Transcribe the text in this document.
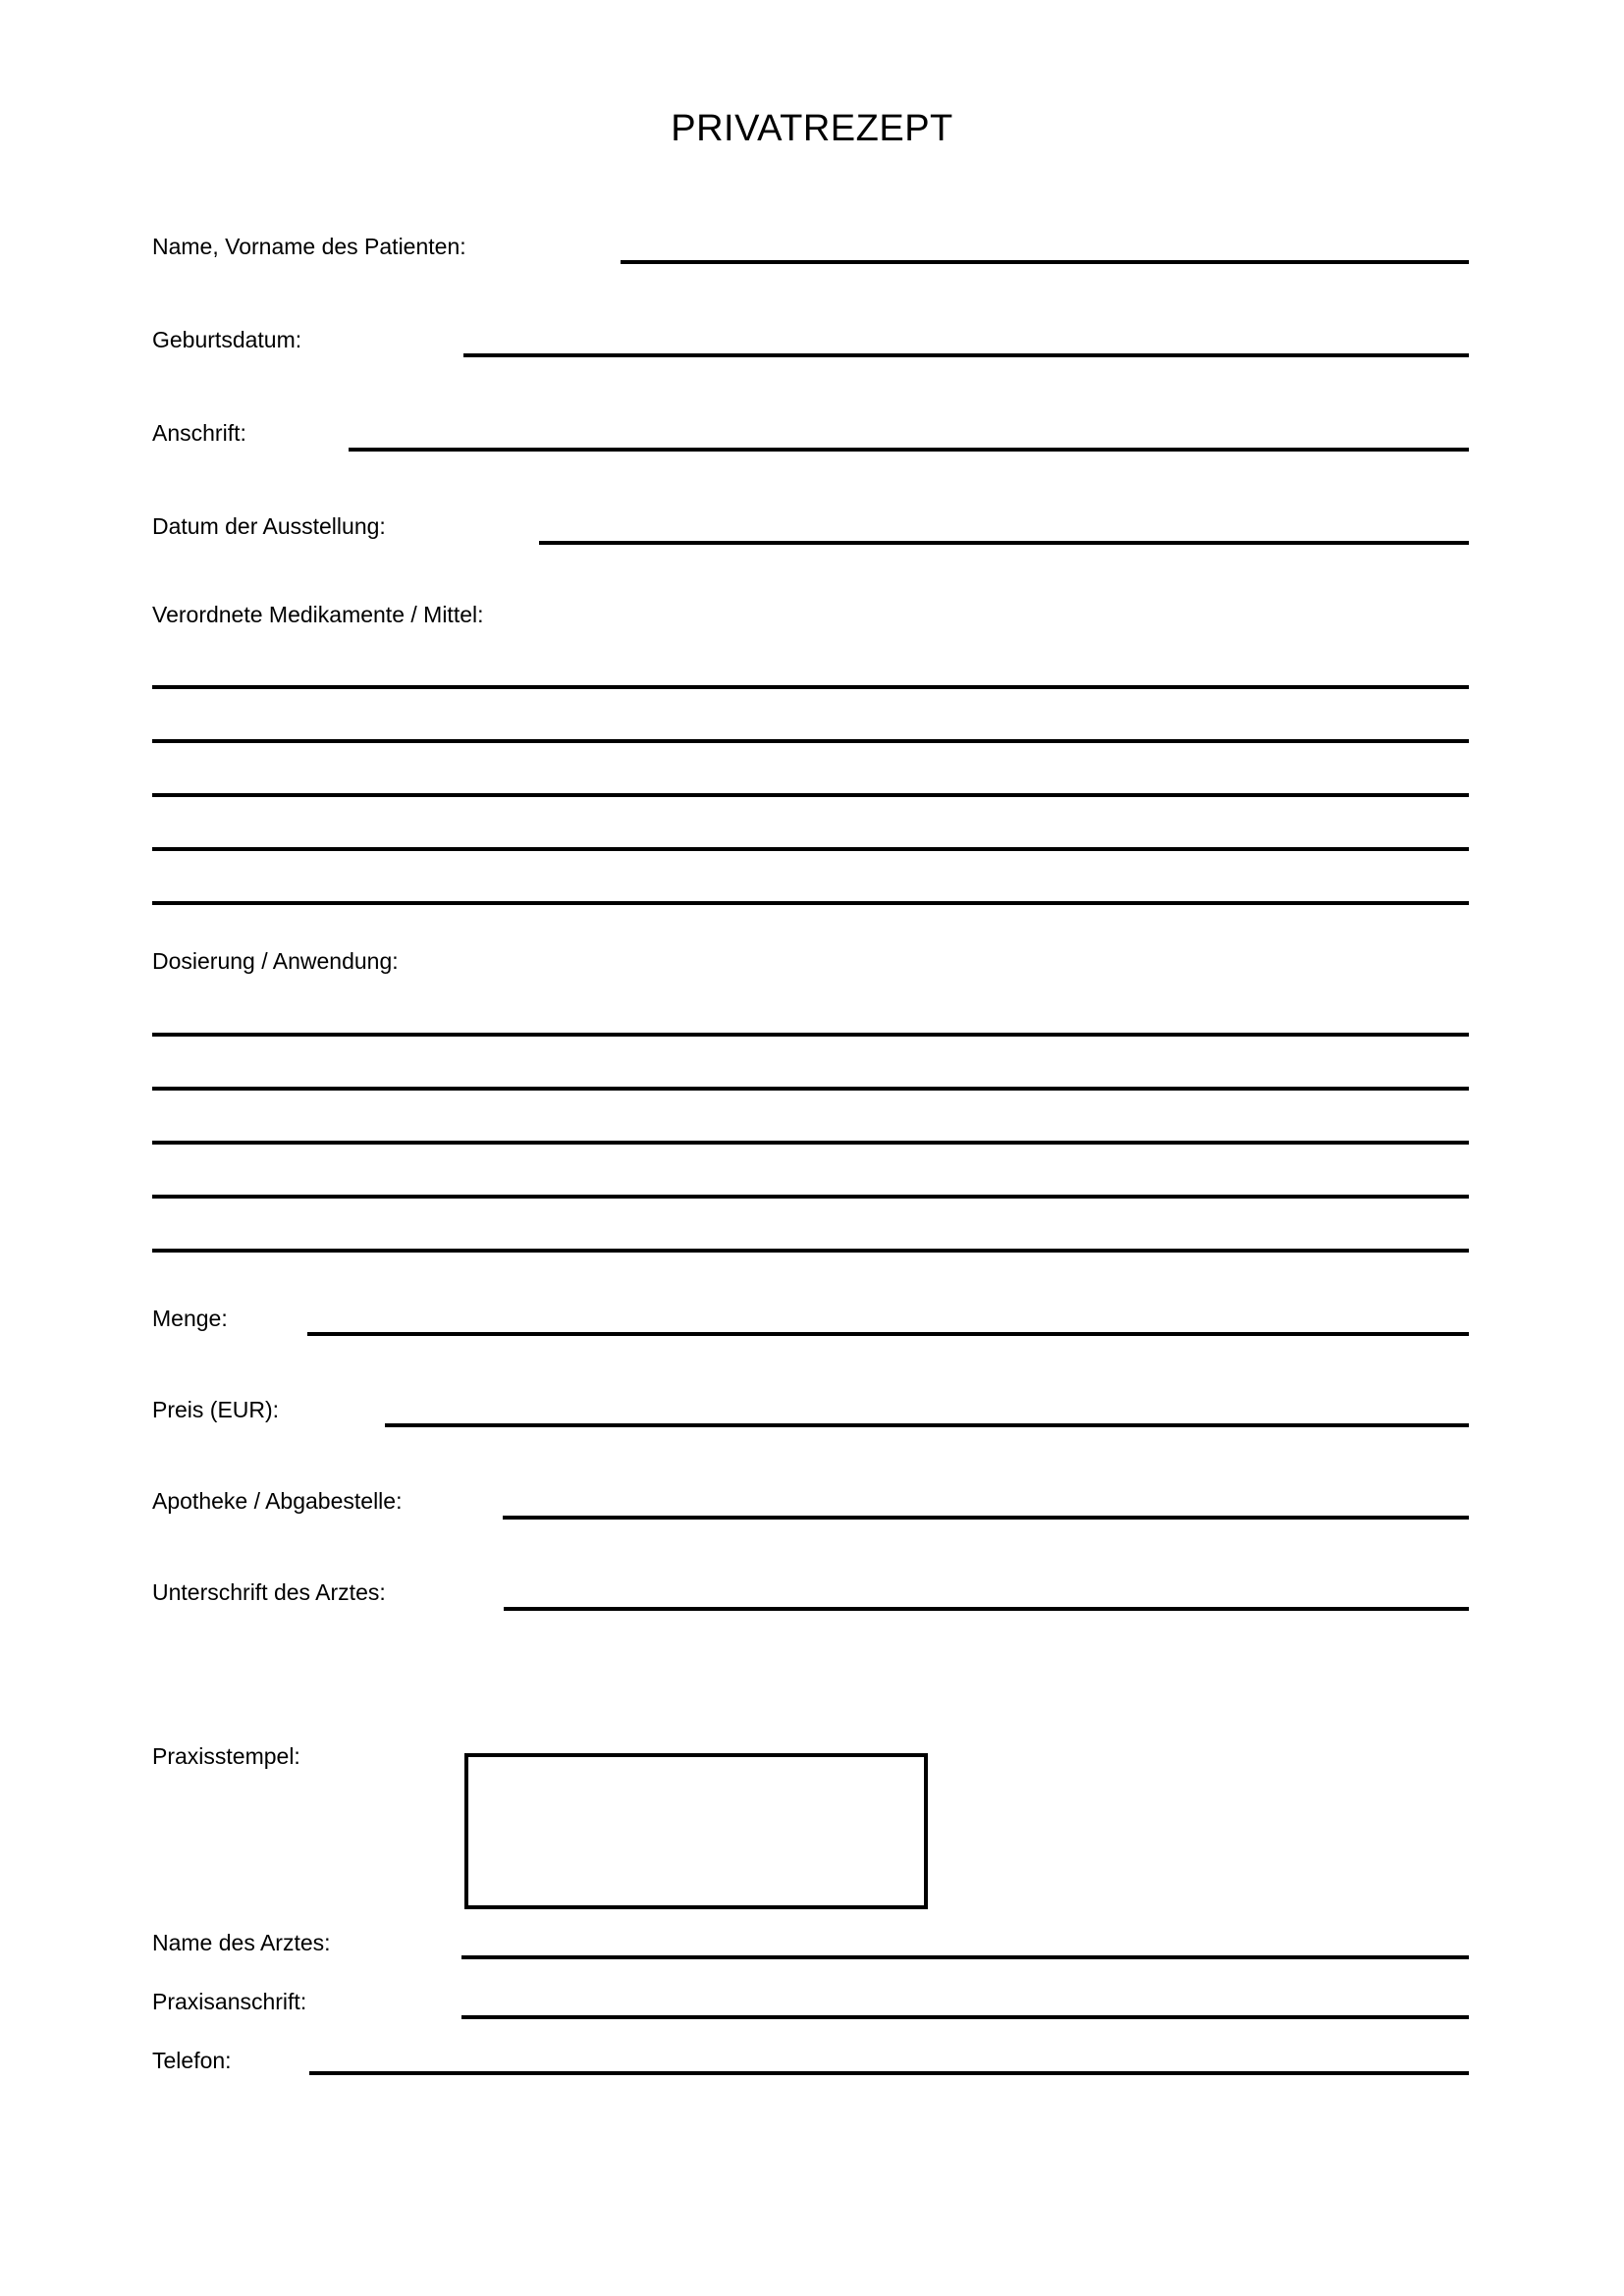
PRIVATREZEPT
Name, Vorname des Patienten:
Geburtsdatum:
Anschrift:
Datum der Ausstellung:
Verordnete Medikamente / Mittel:
Dosierung / Anwendung:
Menge:
Preis (EUR):
Apotheke / Abgabestelle:
Unterschrift des Arztes:
Praxisstempel:
Name des Arztes:
Praxisanschrift:
Telefon:
